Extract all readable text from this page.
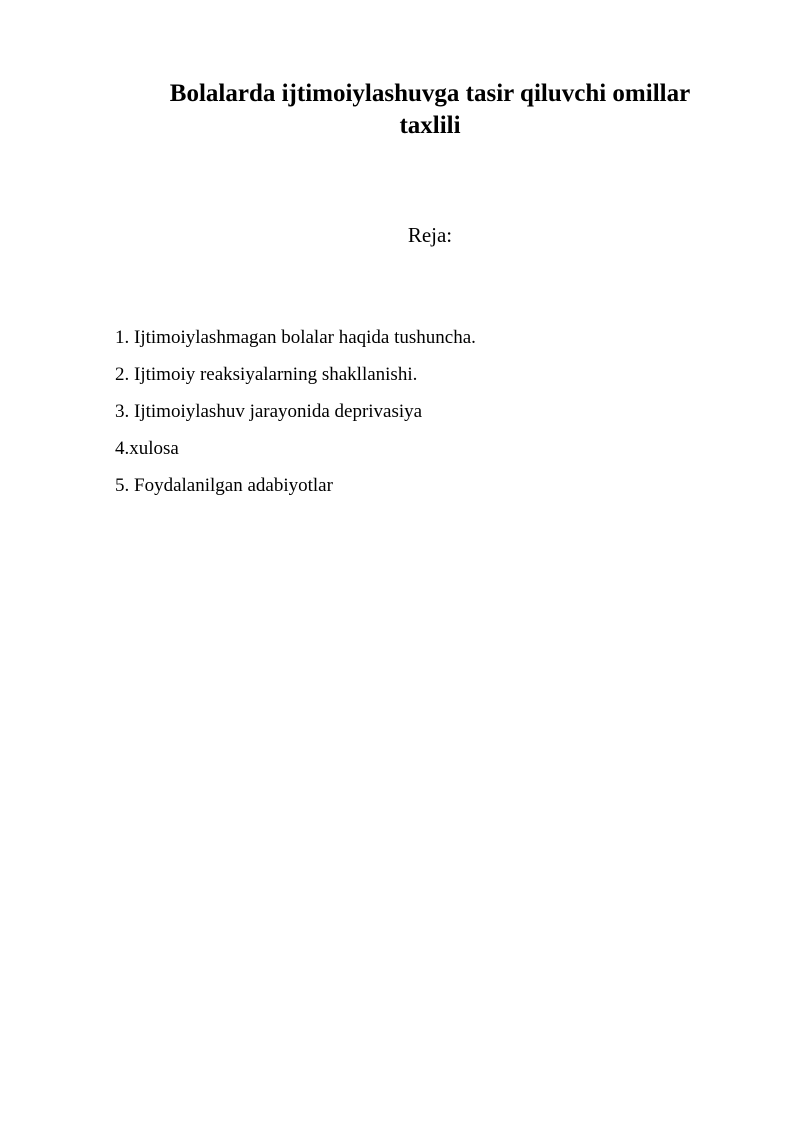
Bolalarda ijtimoiylashuvga tasir qiluvchi omillar taxlili
Reja:
1. Ijtimoiylashmagan bolalar haqida tushuncha.
2. Ijtimoiy reaksiyalarning shakllanishi.
3. Ijtimoiylashuv jarayonida deprivasiya
4.xulosa
5. Foydalanilgan adabiyotlar
